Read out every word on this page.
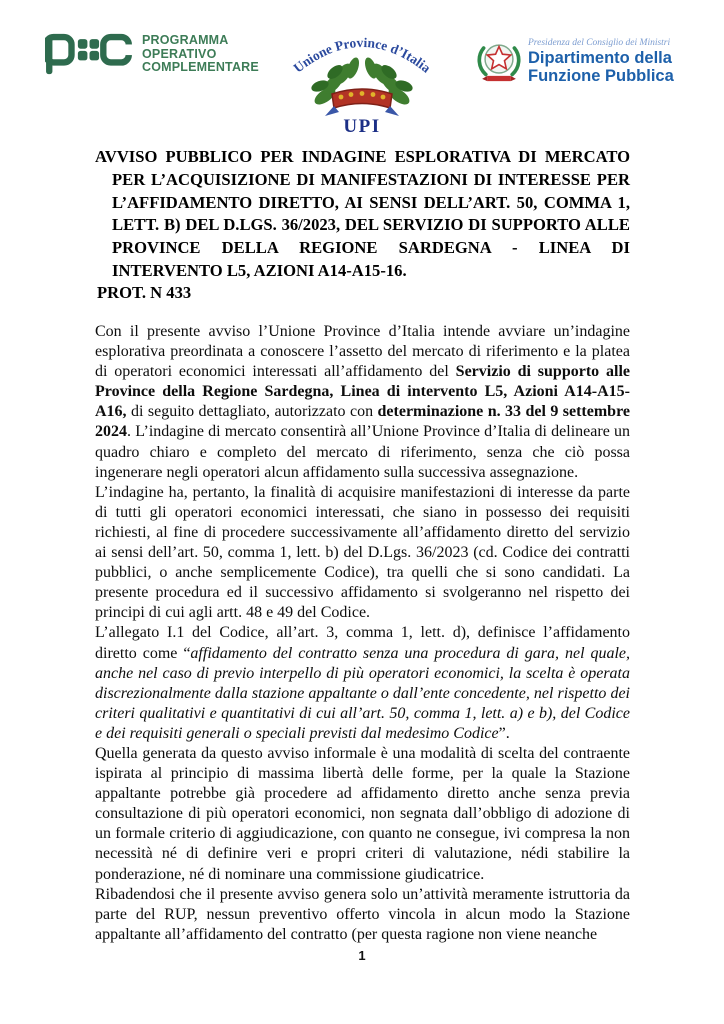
PROGRAMMA
OPERATIVO
COMPLEMENTARE Unione Province d’Italia
UPI
Presidenza del Consiglio dei Ministri
Dipartimento della
Funzione Pubblica
AVVISO PUBBLICO PER INDAGINE ESPLORATIVA DI MERCATO PER L’ACQUISIZIONE DI MANIFESTAZIONI DI INTERESSE PER L’AFFIDAMENTO DIRETTO, AI SENSI DELL’ART. 50, COMMA 1, LETT. B) DEL D.LGS. 36/2023, DEL SERVIZIO DI SUPPORTO ALLE PROVINCE DELLA REGIONE SARDEGNA - LINEA DI INTERVENTO L5, AZIONI A14-A15-16.
PROT. N 433

Con il presente avviso l’Unione Province d’Italia intende avviare un’indagine esplorativa preordinata a conoscere l’assetto del mercato di riferimento e la platea di operatori economici interessati all’affidamento del Servizio di supporto alle Province della Regione Sardegna, Linea di intervento L5, Azioni A14-A15-A16, di seguito dettagliato, autorizzato con determinazione n. 33 del 9 settembre 2024. L’indagine di mercato consentirà all’Unione Province d’Italia di delineare un quadro chiaro e completo del mercato di riferimento, senza che ciò possa ingenerare negli operatori alcun affidamento sulla successiva assegnazione.

L’indagine ha, pertanto, la finalità di acquisire manifestazioni di interesse da parte di tutti gli operatori economici interessati, che siano in possesso dei requisiti richiesti, al fine di procedere successivamente all’affidamento diretto del servizio ai sensi dell’art. 50, comma 1, lett. b) del D.Lgs. 36/2023 (cd. Codice dei contratti pubblici, o anche semplicemente Codice), tra quelli che si sono candidati. La presente procedura ed il successivo affidamento si svolgeranno nel rispetto dei principi di cui agli artt. 48 e 49 del Codice.

L’allegato I.1 del Codice, all’art. 3, comma 1, lett. d), definisce l’affidamento diretto come “affidamento del contratto senza una procedura di gara, nel quale, anche nel caso di previo interpello di più operatori economici, la scelta è operata discrezionalmente dalla stazione appaltante o dall’ente concedente, nel rispetto dei criteri qualitativi e quantitativi di cui all’art. 50, comma 1, lett. a) e b), del Codice e dei requisiti generali o speciali previsti dal medesimo Codice”.

Quella generata da questo avviso informale è una modalità di scelta del contraente ispirata al principio di massima libertà delle forme, per la quale la Stazione appaltante potrebbe già procedere ad affidamento diretto anche senza previa consultazione di più operatori economici, non segnata dall’obbligo di adozione di un formale criterio di aggiudicazione, con quanto ne consegue, ivi compresa la non necessità né di definire veri e propri criteri di valutazione, nédi stabilire la ponderazione, né di nominare una commissione giudicatrice.

Ribadendosi che il presente avviso genera solo un’attività meramente istruttoria da parte del RUP, nessun preventivo offerto vincola in alcun modo la Stazione appaltante all’affidamento del contratto (per questa ragione non viene neanche

1
